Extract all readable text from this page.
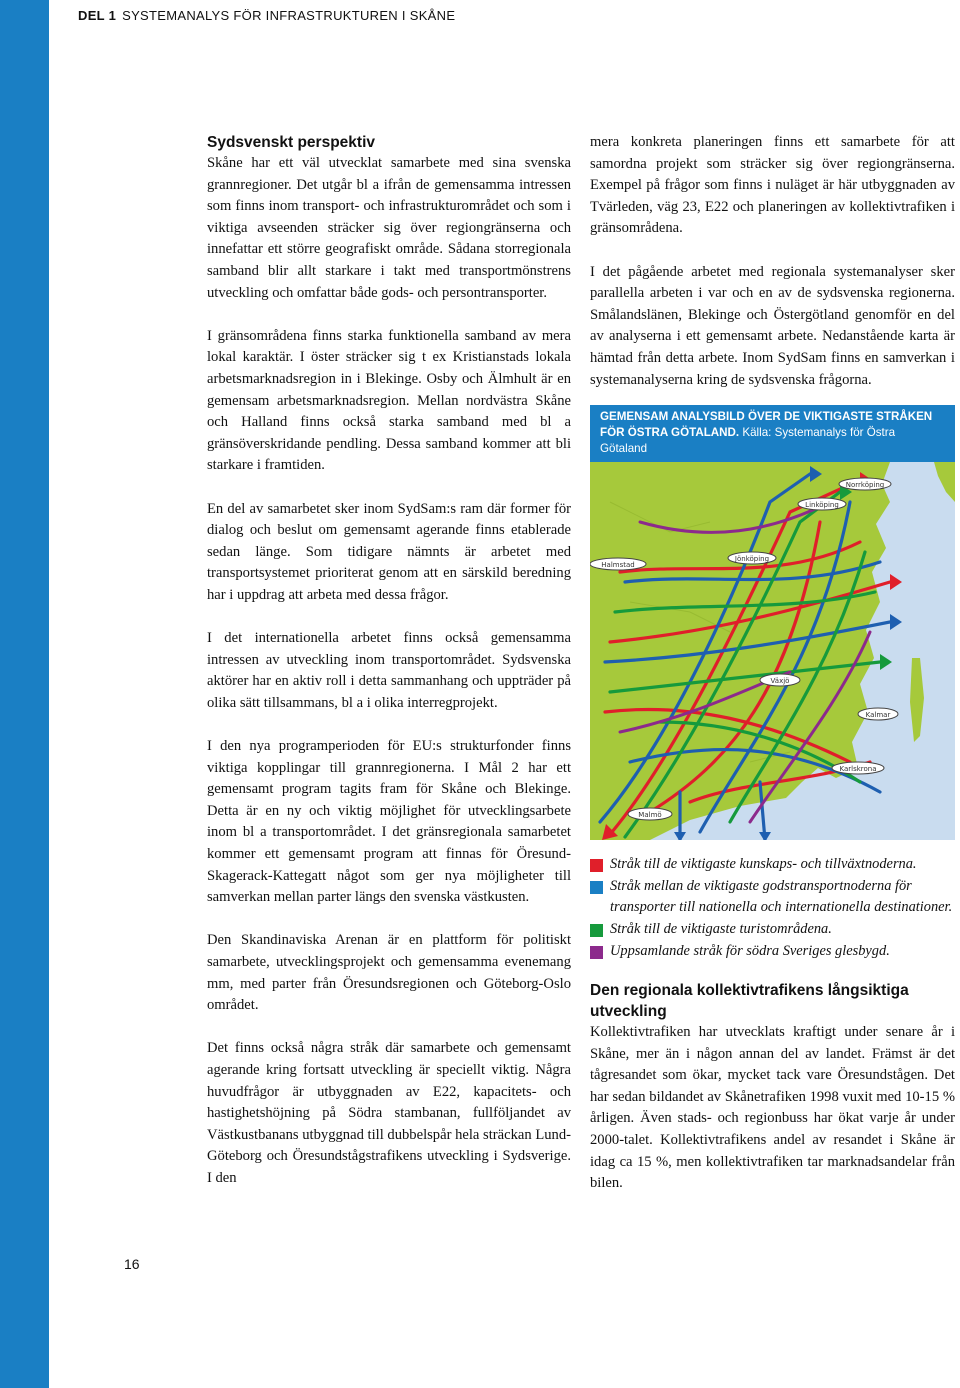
DEL 1 SYSTEMANALYS FÖR INFRASTRUKTUREN I SKÅNE
Sydsvenskt perspektiv

Skåne har ett väl utvecklat samarbete med sina svenska grannregioner. Det utgår bl a ifrån de gemensamma intressen som finns inom transport- och infrastrukturområdet och som i viktiga avseenden sträcker sig över regiongränserna och innefattar ett större geografiskt område. Sådana storregionala samband blir allt starkare i takt med transportmönstrens utveckling och omfattar både gods- och persontransporter.

I gränsområdena finns starka funktionella samband av mera lokal karaktär. I öster sträcker sig t ex Kristianstads lokala arbetsmarknadsregion in i Blekinge. Osby och Älmhult är en gemensam arbetsmarknadsregion. Mellan nordvästra Skåne och Halland finns också starka samband med bl a gränsöverskridande pendling. Dessa samband kommer att bli starkare i framtiden.

En del av samarbetet sker inom SydSam:s ram där former för dialog och beslut om gemensamt agerande finns etablerade sedan länge. Som tidigare nämnts är arbetet med transportsystemet prioriterat genom att en särskild beredning har i uppdrag att arbeta med dessa frågor.

I det internationella arbetet finns också gemensamma intressen av utveckling inom transportområdet. Sydsvenska aktörer har en aktiv roll i detta sammanhang och uppträder på olika sätt tillsammans, bl a i olika interregprojekt.

I den nya programperioden för EU:s strukturfonder finns viktiga kopplingar till grannregionerna. I Mål 2 har ett gemensamt program tagits fram för Skåne och Blekinge. Detta är en ny och viktig möjlighet för utvecklingsarbete inom bl a transportområdet. I det gränsregionala samarbetet kommer ett gemensamt program att finnas för Öresund-Skagerack-Kattegatt något som ger nya möjligheter till samverkan mellan parter längs den svenska västkusten.

Den Skandinaviska Arenan är en plattform för politiskt samarbete, utvecklingsprojekt och gemensamma evenemang mm, med parter från Öresundsregionen och Göteborg-Oslo området.

Det finns också några stråk där samarbete och gemensamt agerande kring fortsatt utveckling är speciellt viktig. Några huvudfrågor är utbyggnaden av E22, kapacitets- och hastighetshöjning på Södra stambanan, fullföljandet av Västkustbanans utbyggnad till dubbelspår hela sträckan Lund-Göteborg och Öresundstågstrafikens utveckling i Sydsverige. I den

16

mera konkreta planeringen finns ett samarbete för att samordna projekt som sträcker sig över regiongränserna. Exempel på frågor som finns i nuläget är här utbyggnaden av Tvärleden, väg 23, E22 och planeringen av kollektivtrafiken i gränsområdena.

I det pågående arbetet med regionala systemanalyser sker parallella arbeten i var och en av de sydsvenska regionerna. Smålandslänen, Blekinge och Östergötland genomför en del av analyserna i ett gemensamt arbete. Nedanstående karta är hämtad från detta arbete. Inom SydSam finns en samverkan i systemanalyserna kring de sydsvenska frågorna.

GEMENSAM ANALYSBILD ÖVER DE VIKTIGASTE STRÅKEN FÖR ÖSTRA GÖTALAND. Källa: Systemanalys för Östra Götaland
Norrköping
Linköping
Jönköping
Växjö
Kalmar
Karlskrona
Halmstad
Malmö
Stråk till de viktigaste kunskaps- och tillväxtnoderna.
Stråk mellan de viktigaste godstransportnoderna för transporter till nationella och internationella destinationer.
Stråk till de viktigaste turistområdena.
Uppsamlande stråk för södra Sveriges glesbygd.
Den regionala kollektivtrafikens långsiktiga utveckling

Kollektivtrafiken har utvecklats kraftigt under senare år i Skåne, mer än i någon annan del av landet. Främst är det tågresandet som ökar, mycket tack vare Öresundstågen. Det har sedan bildandet av Skånetrafiken 1998 vuxit med 10-15 % årligen. Även stads- och regionbuss har ökat varje år under 2000-talet. Kollektivtrafikens andel av resandet i Skåne är idag ca 15 %, men kollektivtrafiken tar marknadsandelar från bilen.
